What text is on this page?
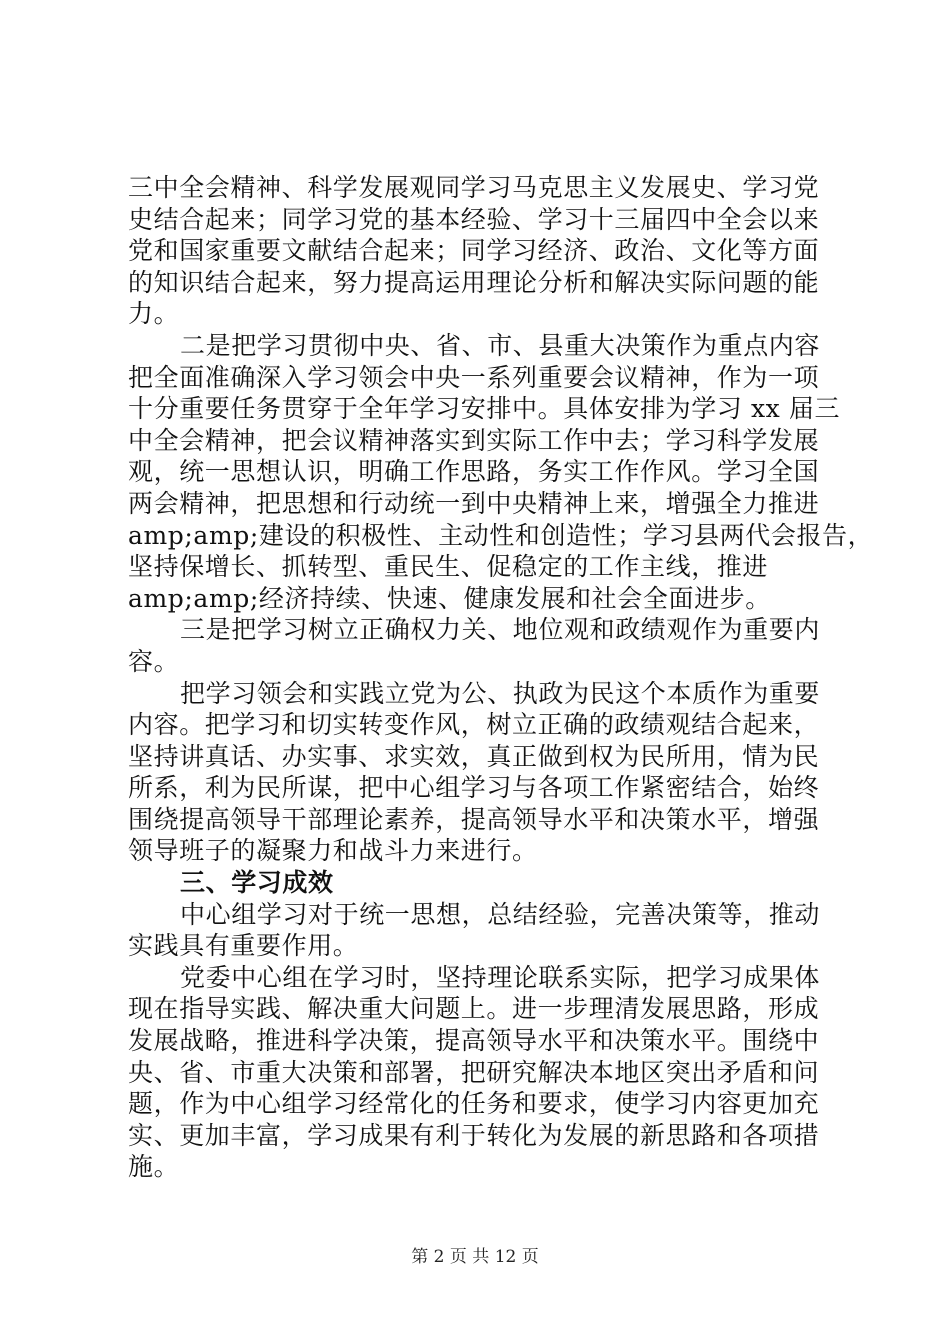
三中全会精神、科学发展观同学习马克思主义发展史、学习党
史结合起来；同学习党的基本经验、学习十三届四中全会以来
党和国家重要文献结合起来；同学习经济、政治、文化等方面
的知识结合起来，努力提高运用理论分析和解决实际问题的能
力。
二是把学习贯彻中央、省、市、县重大决策作为重点内容
把全面准确深入学习领会中央一系列重要会议精神，作为一项
十分重要任务贯穿于全年学习安排中。具体安排为学习 xx 届三
中全会精神，把会议精神落实到实际工作中去；学习科学发展
观，统一思想认识，明确工作思路，务实工作作风。学习全国
两会精神，把思想和行动统一到中央精神上来，增强全力推进
amp;amp;建设的积极性、主动性和创造性；学习县两代会报告，
坚持保增长、抓转型、重民生、促稳定的工作主线，推进
amp;amp;经济持续、快速、健康发展和社会全面进步。
三是把学习树立正确权力关、地位观和政绩观作为重要内
容。
把学习领会和实践立党为公、执政为民这个本质作为重要
内容。把学习和切实转变作风，树立正确的政绩观结合起来，
坚持讲真话、办实事、求实效，真正做到权为民所用，情为民
所系，利为民所谋，把中心组学习与各项工作紧密结合，始终
围绕提高领导干部理论素养，提高领导水平和决策水平，增强
领导班子的凝聚力和战斗力来进行。
三、学习成效
中心组学习对于统一思想，总结经验，完善决策等，推动
实践具有重要作用。
党委中心组在学习时，坚持理论联系实际，把学习成果体
现在指导实践、解决重大问题上。进一步理清发展思路，形成
发展战略，推进科学决策，提高领导水平和决策水平。围绕中
央、省、市重大决策和部署，把研究解决本地区突出矛盾和问
题，作为中心组学习经常化的任务和要求，使学习内容更加充
实、更加丰富，学习成果有利于转化为发展的新思路和各项措
施。
第 2 页 共 12 页
